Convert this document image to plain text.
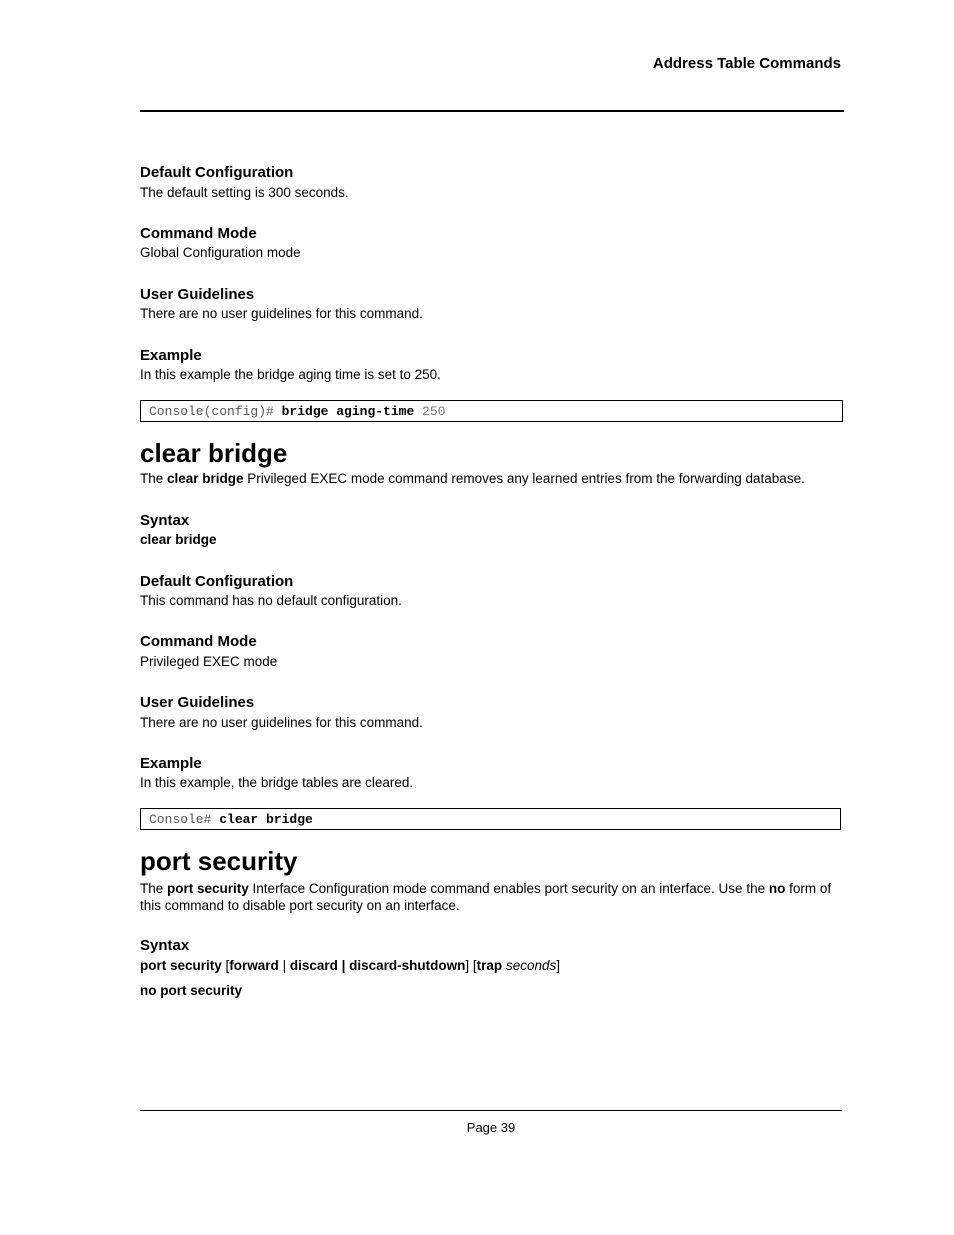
Address Table Commands
Default Configuration
The default setting is 300 seconds.
Command Mode
Global Configuration mode
User Guidelines
There are no user guidelines for this command.
Example
In this example the bridge aging time is set to 250.
Console(config)# bridge aging-time 250
clear bridge
The clear bridge Privileged EXEC mode command removes any learned entries from the forwarding database.
Syntax
clear bridge
Default Configuration
This command has no default configuration.
Command Mode
Privileged EXEC mode
User Guidelines
There are no user guidelines for this command.
Example
In this example, the bridge tables are cleared.
Console# clear bridge
port security
The port security Interface Configuration mode command enables port security on an interface. Use the no form of this command to disable port security on an interface.
Syntax
port security [forward | discard | discard-shutdown] [trap seconds]
no port security
Page 39
